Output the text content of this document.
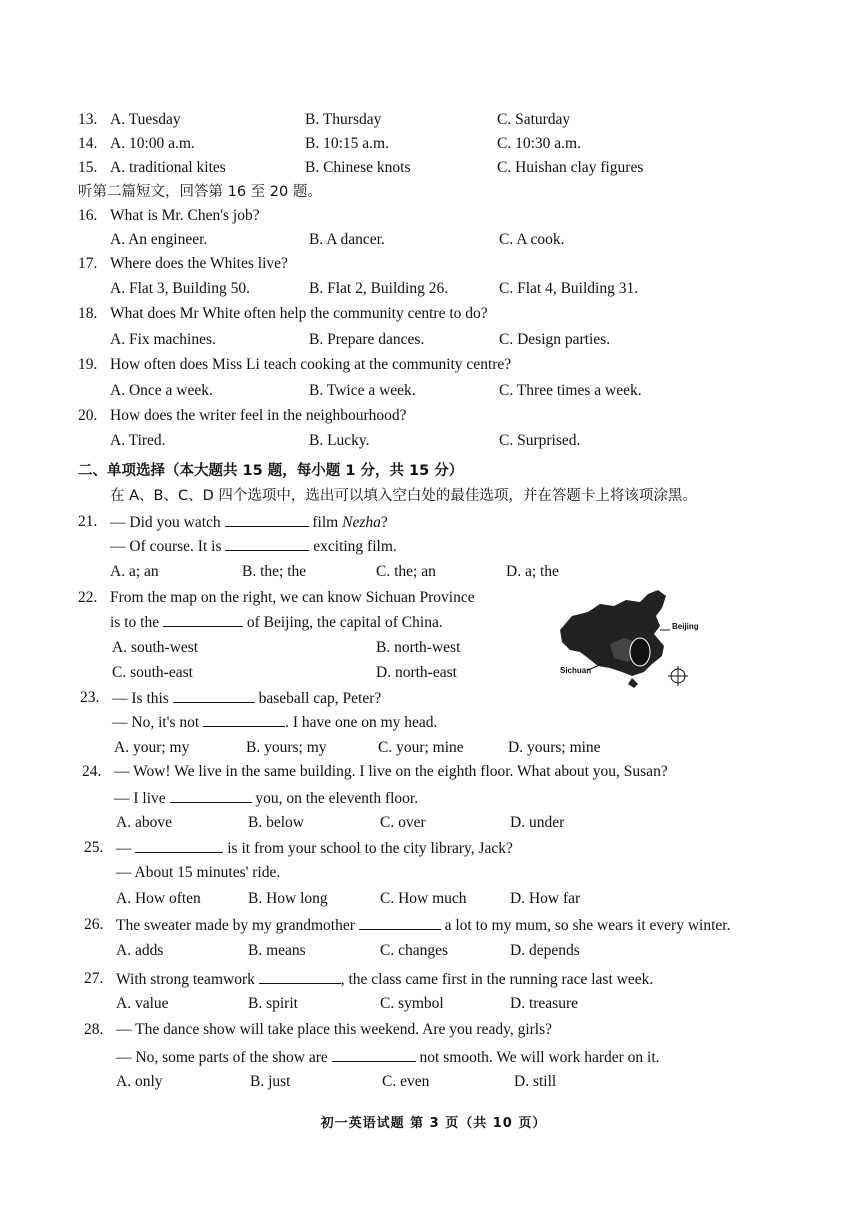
13. A. Tuesday	B. Thursday	C. Saturday
14. A. 10:00 a.m.	B. 10:15 a.m.	C. 10:30 a.m.
15. A. traditional kites	B. Chinese knots	C. Huishan clay figures
听第二篇短文，回答第 16 至 20 题。
16. What is Mr. Chen's job?
A. An engineer.	B. A dancer.	C. A cook.
17. Where does the Whites live?
A. Flat 3, Building 50.	B. Flat 2, Building 26.	C. Flat 4, Building 31.
18. What does Mr White often help the community centre to do?
A. Fix machines.	B. Prepare dances.	C. Design parties.
19. How often does Miss Li teach cooking at the community centre?
A. Once a week.	B. Twice a week.	C. Three times a week.
20. How does the writer feel in the neighbourhood?
A. Tired.	B. Lucky.	C. Surprised.
二、单项选择（本大题共 15 题，每小题 1 分，共 15 分）
在 A、B、C、D 四个选项中，选出可以填入空白处的最佳选项，并在答题卡上将该项涂黑。
21. — Did you watch	film Nezha?
— Of course. It is	exciting film.
A. a; an	B. the; the	C. the; an	D. a; the
22. From the map on the right, we can know Sichuan Province
is to the	of Beijing, the capital of China.
A. south-west	B. north-west
C. south-east	D. north-east
Beijing
Sichuan
23. — Is this	baseball cap, Peter?
— No, it's not	. I have one on my head.
A. your; my	B. yours; my	C. your; mine	D. yours; mine
24. — Wow! We live in the same building. I live on the eighth floor. What about you, Susan?
— I live	you, on the eleventh floor.
A. above	B. below	C. over	D. under
25. —	is it from your school to the city library, Jack?
— About 15 minutes' ride.
A. How often	B. How long	C. How much	D. How far
26. The sweater made by my grandmother	a lot to my mum, so she wears it every winter.
A. adds	B. means	C. changes	D. depends
27. With strong teamwork	, the class came first in the running race last week.
A. value	B. spirit	C. symbol	D. treasure
28. — The dance show will take place this weekend. Are you ready, girls?
— No, some parts of the show are	not smooth. We will work harder on it.
A. only	B. just	C. even	D. still
初一英语试题 第 3 页（共 10 页）
